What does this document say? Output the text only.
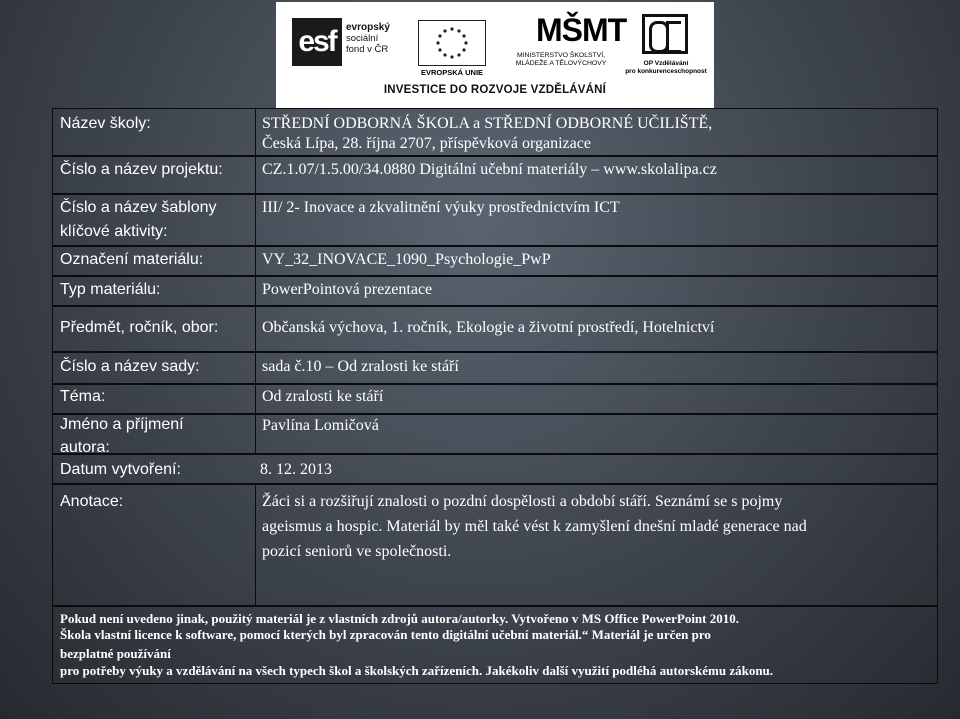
esf	evropský
sociální
fond v ČR
EVROPSKÁ UNIE
MŠMT
MINISTERSTVO ŠKOLSTVÍ,
MLÁDEŽE A TĚLOVÝCHOVY	OP Vzdělávání
pro konkurenceschopnost
INVESTICE DO ROZVOJE VZDĚLÁVÁNÍ
Název školy:
Číslo a název projektu:
Číslo a název šablony
klíčové aktivity:
Označení materiálu:
Typ materiálu:
Předmět, ročník, obor:
Číslo a název sady:
Téma:
Jméno a příjmení
autora:
Datum vytvoření:
Anotace:
STŘEDNÍ ODBORNÁ ŠKOLA a STŘEDNÍ ODBORNÉ UČILIŠTĚ,
Česká Lípa, 28. října 2707, příspěvková organizace
CZ.1.07/1.5.00/34.0880 Digitální učební materiály – www.skolalipa.cz
III/ 2- Inovace a zkvalitnění výuky prostřednictvím ICT
VY_32_INOVACE_1090_Psychologie_PwP
PowerPointová prezentace
Občanská výchova, 1. ročník, Ekologie a životní prostředí, Hotelnictví
sada č.10 – Od zralosti ke stáří
Od zralosti ke stáří
Pavlína Lomičová
8. 12. 2013
Žáci si a rozšiřují znalosti o pozdní dospělosti a období stáří. Seznámí se s pojmy
ageismus a hospic. Materiál by měl také vést k zamyšlení dnešní mladé generace nad
pozicí seniorů ve společnosti.
Pokud není uvedeno jinak, použitý materiál je z vlastních zdrojů autora/autorky. Vytvořeno v MS Office PowerPoint 2010.
Škola vlastní licence k software, pomocí kterých byl zpracován tento digitální učební materiál.“ Materiál je určen pro
bezplatné používání
pro potřeby výuky a vzdělávání na všech typech škol a školských zařízeních. Jakékoliv další využití podléhá autorskému zákonu.
